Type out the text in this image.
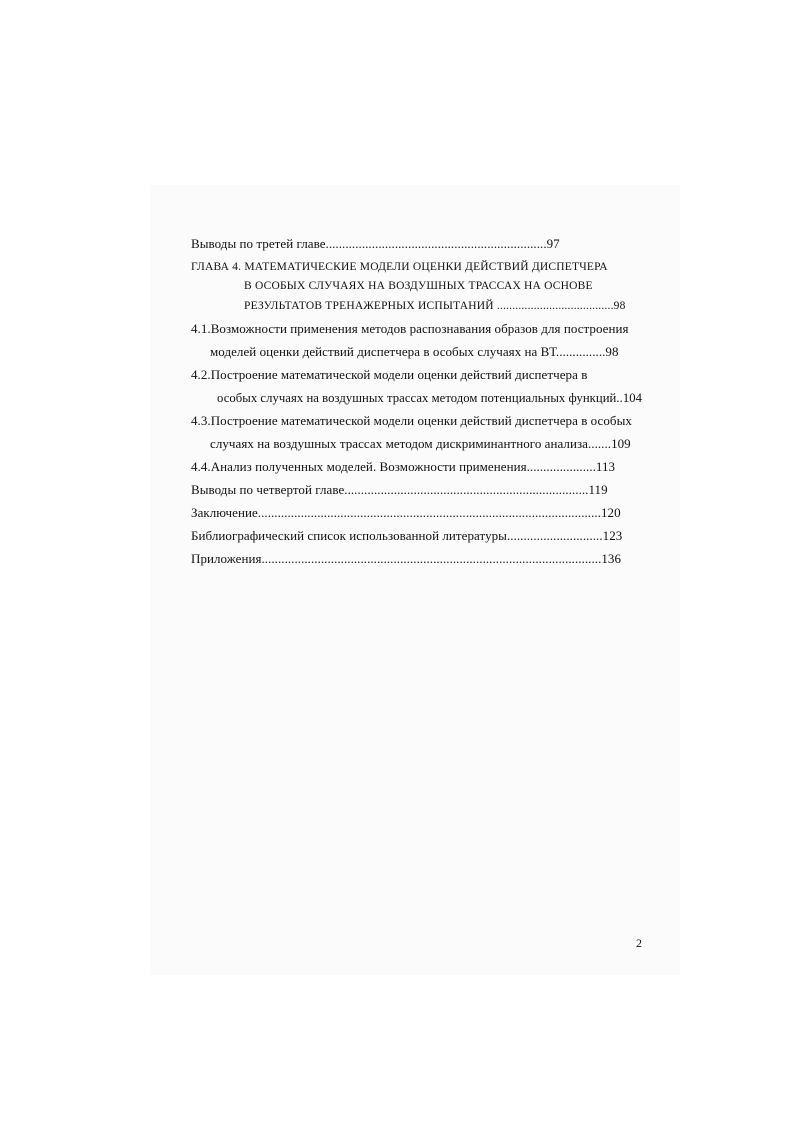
Выводы по третей главе...................................................................97
ГЛАВА 4. МАТЕМАТИЧЕСКИЕ МОДЕЛИ ОЦЕНКИ ДЕЙСТВИЙ ДИСПЕТЧЕРА
В ОСОБЫХ СЛУЧАЯХ НА ВОЗДУШНЫХ ТРАССАХ НА ОСНОВЕ
РЕЗУЛЬТАТОВ ТРЕНАЖЕРНЫХ ИСПЫТАНИЙ ......................................98
4.1.Возможности применения методов распознавания образов для построения
моделей оценки действий диспетчера в особых случаях на ВТ...............98
4.2.Построение математической модели оценки действий диспетчера в
особых случаях на воздушных трассах методом потенциальных функций..104
4.3.Построение математической модели оценки действий диспетчера в особых
случаях на воздушных трассах методом дискриминантного анализа.......109
4.4.Анализ полученных моделей. Возможности применения.....................113
Выводы по четвертой главе..........................................................................119
Заключение........................................................................................................120
Библиографический список использованной литературы.............................123
Приложения.......................................................................................................136
2
